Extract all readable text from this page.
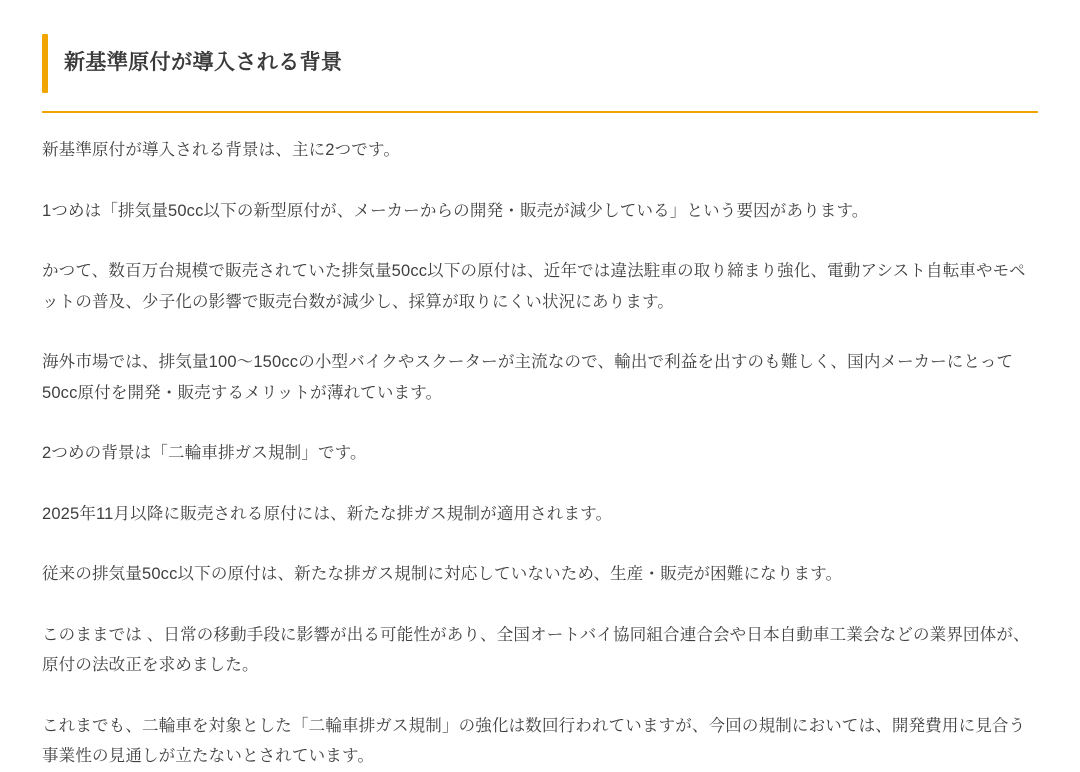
新基準原付が導入される背景

新基準原付が導入される背景は、主に2つです。

1つめは「排気量50cc以下の新型原付が、メーカーからの開発・販売が減少している」という要因があります。

かつて、数百万台規模で販売されていた排気量50cc以下の原付は、近年では違法駐車の取り締まり強化、電動アシスト自転車やモペットの普及、少子化の影響で販売台数が減少し、採算が取りにくい状況にあります。

海外市場では、排気量100〜150ccの小型バイクやスクーターが主流なので、輸出で利益を出すのも難しく、国内メーカーにとって50cc原付を開発・販売するメリットが薄れています。

2つめの背景は「二輪車排ガス規制」です。

2025年11月以降に販売される原付には、新たな排ガス規制が適用されます。

従来の排気量50cc以下の原付は、新たな排ガス規制に対応していないため、生産・販売が困難になります。

このままでは 、日常の移動手段に影響が出る可能性があり、全国オートバイ協同組合連合会や日本自動車工業会などの業界団体が、原付の法改正を求めました。

これまでも、二輪車を対象とした「二輪車排ガス規制」の強化は数回行われていますが、今回の規制においては、開発費用に見合う事業性の見通しが立たないとされています。
